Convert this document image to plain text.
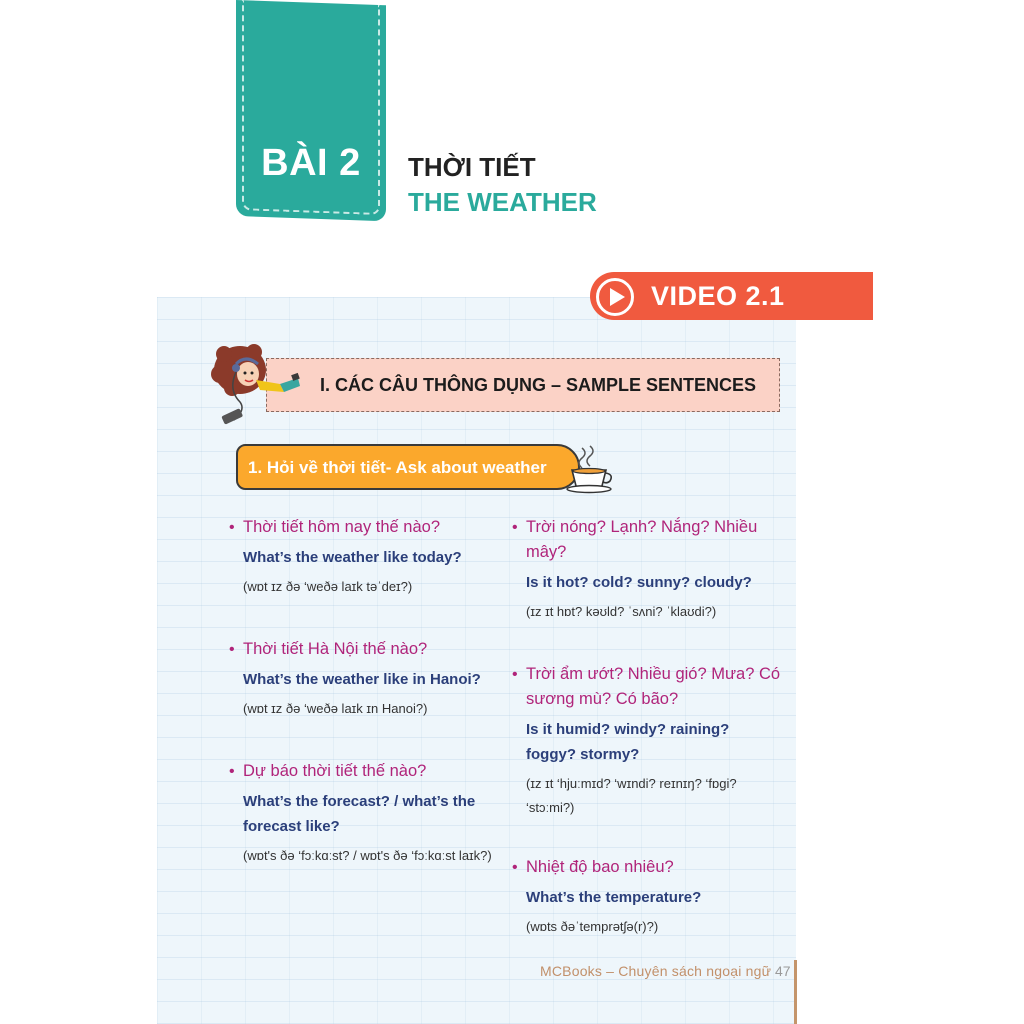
BÀI 2	THỜI TIẾT
THE WEATHER
VIDEO 2.1
I. CÁC CÂU THÔNG DỤNG – SAMPLE SENTENCES
1. Hỏi về thời tiết- Ask about weather
• Thời tiết hôm nay thế nào?
What’s the weather like today?
(wɒt ɪz ðə ‘weðə laɪk təˈdeɪ?)
• Thời tiết Hà Nội thế nào?
What’s the weather like in Hanoi?
(wɒt ɪz ðə ‘weðə laɪk ɪn Hanoi?)
• Dự báo thời tiết thế nào?
What’s the forecast? / what’s the forecast like?
(wɒt's ðə ‘fɔːkɑːst? / wɒt's ðə ‘fɔːkɑːst laɪk?)
• Trời nóng? Lạnh? Nắng? Nhiều mây?
Is it hot? cold? sunny? cloudy?
(ɪz ɪt hɒt? kəʊld? ˈsʌni? ˈklaʊdi?)
• Trời ẩm ướt? Nhiều gió? Mưa? Có sương mù? Có bão?
Is it humid? windy? raining? foggy? stormy?
(ɪz ɪt ‘hjuːmɪd? ‘wɪndi? reɪnɪŋ? ‘fɒgi? ‘stɔːmi?)
• Nhiệt độ bao nhiêu?
What’s the temperature?
(wɒts ðəˈtemprətʃə(r)?)
MCBooks – Chuyên sách ngoại ngữ 47
